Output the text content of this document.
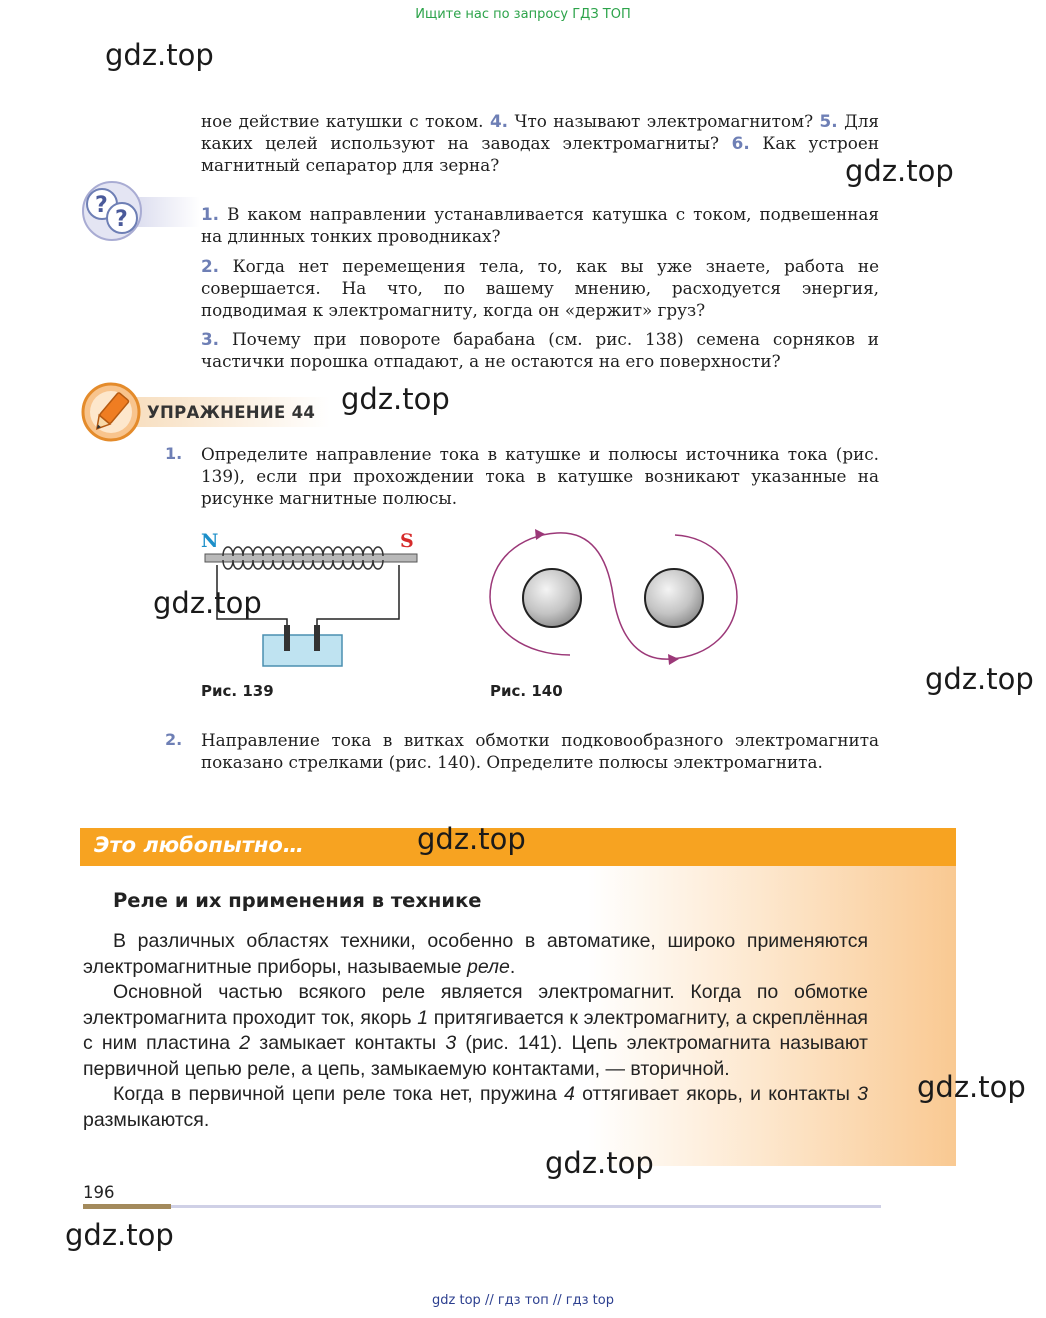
Ищите нас по запросу ГДЗ ТОП
gdz.top
gdz.top
gdz.top
gdz.top
gdz.top
ное действие катушки с током. 4. Что называют электромагнитом? 5. Для каких целей используют на заводах электромагниты? 6. Как устроен магнитный сепаратор для зерна?
?
?	1. В каком направлении устанавливается катушка с током, подвешенная на длинных тонких проводниках?
2. Когда нет перемещения тела, то, как вы уже знаете, работа не совершается. На что, по вашему мнению, расходуется энергия, подводимая к электромагниту, когда он «держит» груз?
3. Почему при повороте барабана (см. рис. 138) семена сорняков и частички порошка отпадают, а не остаются на его поверхности?
УПРАЖНЕНИЕ 44
1. Определите направление тока в катушке и полюсы источника тока (рис. 139), если при прохождении тока в катушке возникают указанные на рисунке магнитные полюсы.
N	S
Рис. 139	Рис. 140
2. Направление тока в витках обмотки подковообразного электромагнита показано стрелками (рис. 140). Определите полюсы электромагнита.
Это любопытно…	gdz.top
Реле и их применения в технике

В различных областях техники, особенно в автоматике, широко применяются электромагнитные приборы, называемые реле.

Основной частью всякого реле является электромагнит. Когда по обмотке электромагнита проходит ток, якорь 1 притягивается к электромагниту, а скреплённая с ним пластина 2 замыкает контакты 3 (рис. 141). Цепь электромагнита называют первичной цепью реле, а цепь, замыкаемую контактами, — вторичной.

Когда в первичной цепи реле тока нет, пружина 4 оттягивает якорь, и контакты 3 размыкаются.

gdz.top
gdz.top
196
gdz.top
gdz top // гдз топ // гдз top
